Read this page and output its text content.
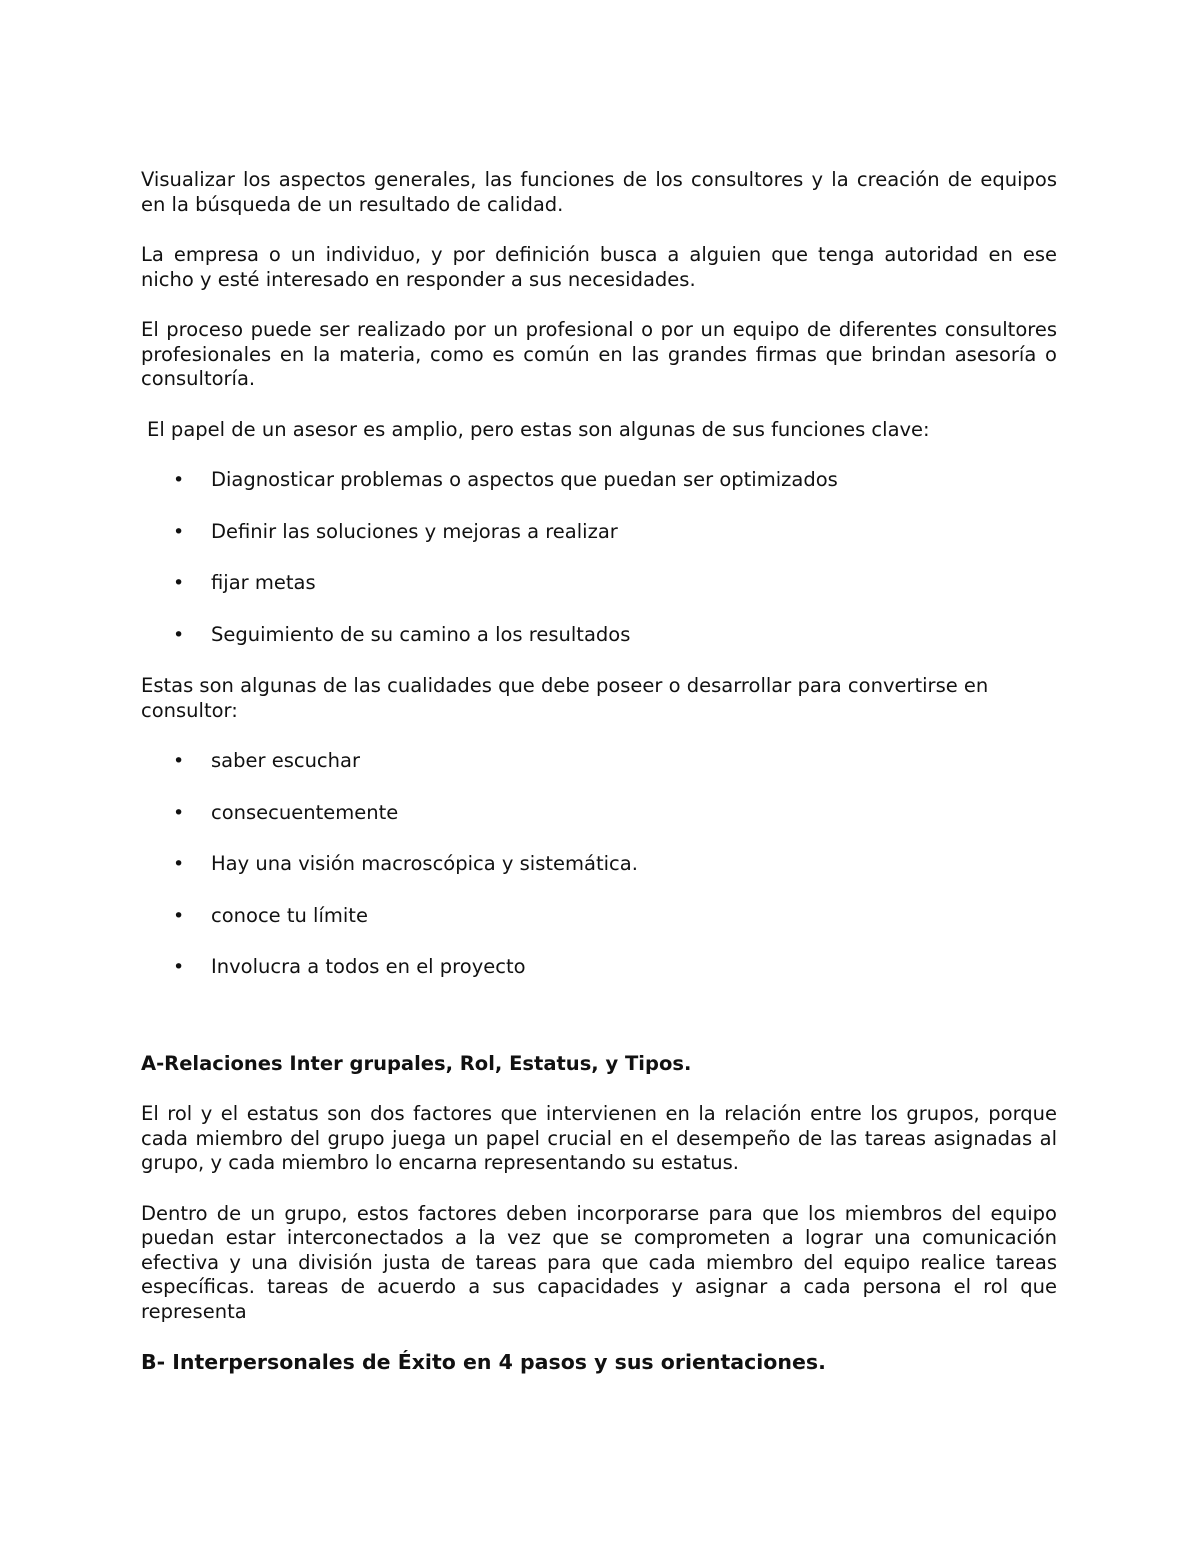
Visualizar los aspectos generales, las funciones de los consultores y la creación de equipos en la búsqueda de un resultado de calidad.

La empresa o un individuo, y por definición busca a alguien que tenga autoridad en ese nicho y esté interesado en responder a sus necesidades.

El proceso puede ser realizado por un profesional o por un equipo de diferentes consultores profesionales en la materia, como es común en las grandes firmas que brindan asesoría o consultoría.

El papel de un asesor es amplio, pero estas son algunas de sus funciones clave:

• Diagnosticar problemas o aspectos que puedan ser optimizados
• Definir las soluciones y mejoras a realizar
• fijar metas
• Seguimiento de su camino a los resultados

Estas son algunas de las cualidades que debe poseer o desarrollar para convertirse en consultor:

• saber escuchar
• consecuentemente
• Hay una visión macroscópica y sistemática.
• conoce tu límite
• Involucra a todos en el proyecto
A-Relaciones Inter grupales, Rol, Estatus, y Tipos.

El rol y el estatus son dos factores que intervienen en la relación entre los grupos, porque cada miembro del grupo juega un papel crucial en el desempeño de las tareas asignadas al grupo, y cada miembro lo encarna representando su estatus.

Dentro de un grupo, estos factores deben incorporarse para que los miembros del equipo puedan estar interconectados a la vez que se comprometen a lograr una comunicación efectiva y una división justa de tareas para que cada miembro del equipo realice tareas específicas. tareas de acuerdo a sus capacidades y asignar a cada persona el rol que representa

B- Interpersonales de Éxito en 4 pasos y sus orientaciones.
